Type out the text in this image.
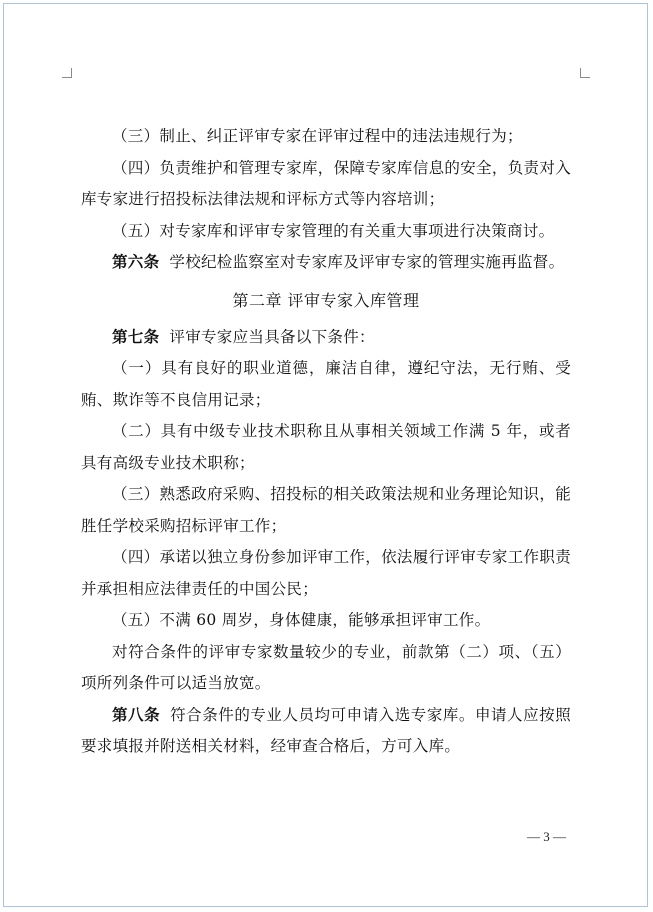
（三）制止、纠正评审专家在评审过程中的违法违规行为；

（四）负责维护和管理专家库，保障专家库信息的安全，负责对入库专家进行招投标法律法规和评标方式等内容培训；

（五）对专家库和评审专家管理的有关重大事项进行决策商讨。

第六条 学校纪检监察室对专家库及评审专家的管理实施再监督。

第二章 评审专家入库管理

第七条 评审专家应当具备以下条件：

（一）具有良好的职业道德，廉洁自律，遵纪守法，无行贿、受贿、欺诈等不良信用记录；

（二）具有中级专业技术职称且从事相关领域工作满 5 年，或者具有高级专业技术职称；

（三）熟悉政府采购、招投标的相关政策法规和业务理论知识，能胜任学校采购招标评审工作；

（四）承诺以独立身份参加评审工作，依法履行评审专家工作职责并承担相应法律责任的中国公民；

（五）不满 60 周岁，身体健康，能够承担评审工作。

对符合条件的评审专家数量较少的专业，前款第（二）项、（五）项所列条件可以适当放宽。

第八条 符合条件的专业人员均可申请入选专家库。申请人应按照要求填报并附送相关材料，经审查合格后，方可入库。

— 3 —
